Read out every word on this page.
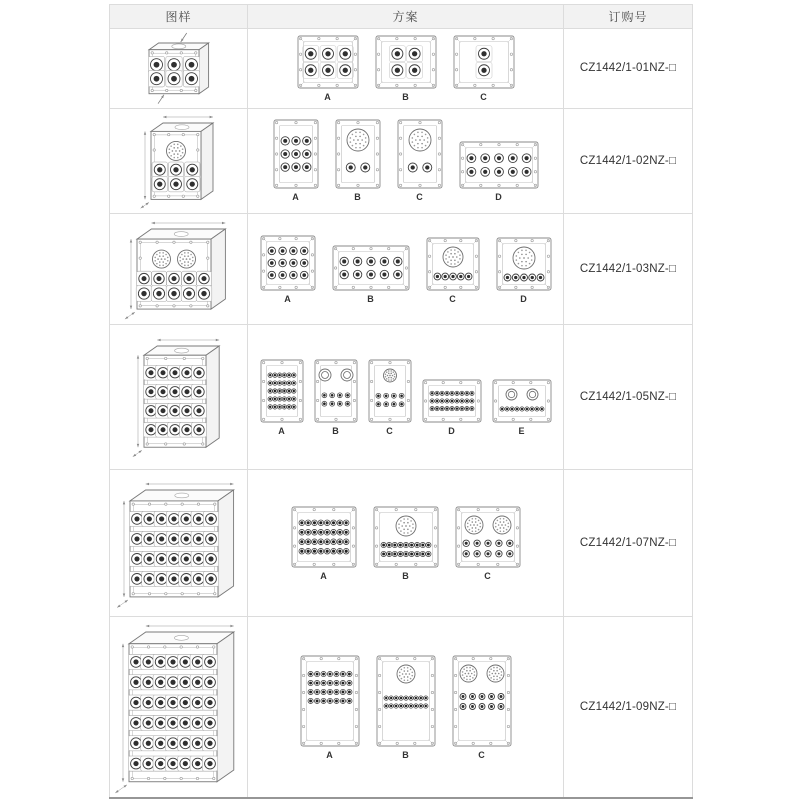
图样	方案	订购号

A B C	CZ1442/1-01NZ-□

A B C D	CZ1442/1-02NZ-□

A B C D	CZ1442/1-03NZ-□

A B C D E	CZ1442/1-05NZ-□

A B C	CZ1442/1-07NZ-□

A B C	CZ1442/1-09NZ-□
